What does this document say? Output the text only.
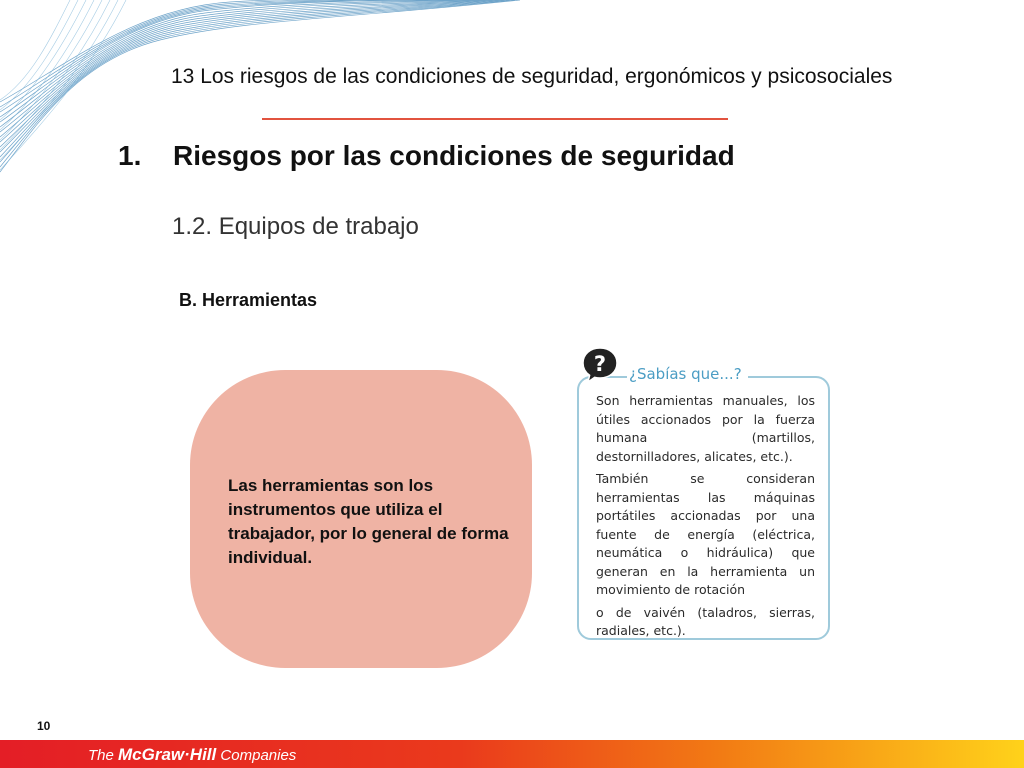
13 Los riesgos de las condiciones de seguridad, ergonómicos y psicosociales
1. Riesgos por las condiciones de seguridad
1.2. Equipos de trabajo
B. Herramientas
Las herramientas son los instrumentos que utiliza el trabajador, por lo general de forma individual.

Son herramientas manuales, los útiles accionados por la fuerza humana (martillos, destornilladores, alicates, etc.).

También se consideran herramientas las máquinas portátiles accionadas por una fuente de energía (eléctrica, neumática o hidráulica) que generan en la herramienta un movimiento de rotación

o de vaivén (taladros, sierras, radiales, etc.).

? ¿Sabías que...?
10
The McGraw·Hill Companies
